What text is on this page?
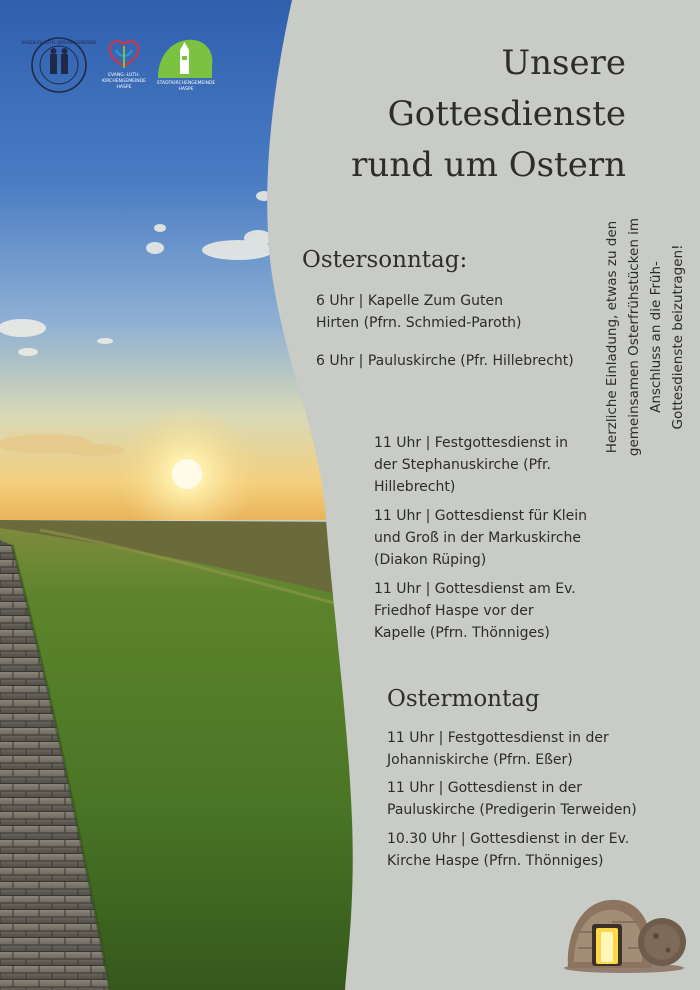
HAGEN EV.-LUTH. KIRCHENGEMEINDE
EVANG.-LUTH.
KIRCHENGEMEINDE
HASPE
STADTKIRCHENGEMEINDE
HASPE
Unsere
Gottesdienste
rund um Ostern
Ostersonntag:
6 Uhr | Kapelle Zum Guten
Hirten (Pfrn. Schmied-Paroth)
6 Uhr | Pauluskirche (Pfr. Hillebrecht)
11 Uhr | Festgottesdienst in
der Stephanuskirche (Pfr.
Hillebrecht)
11 Uhr | Gottesdienst für Klein
und Groß in der Markuskirche
(Diakon Rüping)
11 Uhr | Gottesdienst am Ev.
Friedhof Haspe vor der
Kapelle (Pfrn. Thönniges)
Ostermontag
11 Uhr | Festgottesdienst in der
Johanniskirche (Pfrn. Eßer)
11 Uhr | Gottesdienst in der
Pauluskirche (Predigerin Terweiden)
10.30 Uhr | Gottesdienst in der Ev.
Kirche Haspe (Pfrn. Thönniges)
Herzliche Einladung, etwas zu den gemeinsamen Osterfrühstücken im Anschluss an die Früh- Gottesdienste beizutragen!
